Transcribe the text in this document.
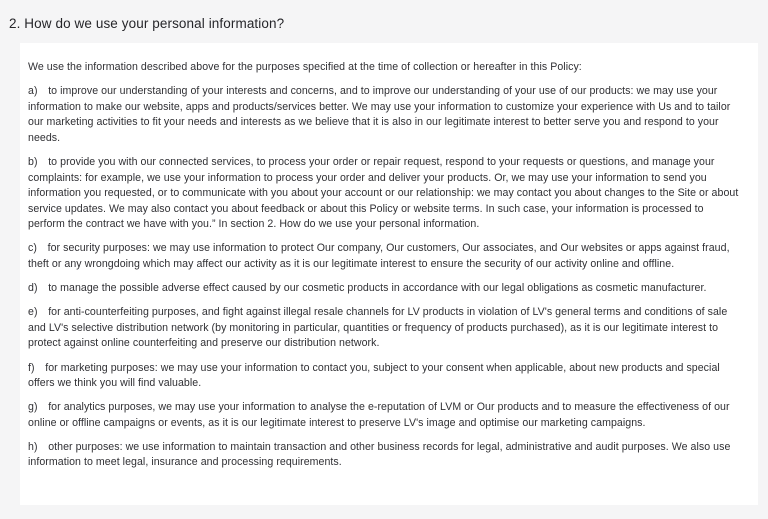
2. How do we use your personal information?

We use the information described above for the purposes specified at the time of collection or hereafter in this Policy:

a) to improve our understanding of your interests and concerns, and to improve our understanding of your use of our products: we may use your information to make our website, apps and products/services better. We may use your information to customize your experience with Us and to tailor our marketing activities to fit your needs and interests as we believe that it is also in our legitimate interest to better serve you and respond to your needs.

b) to provide you with our connected services, to process your order or repair request, respond to your requests or questions, and manage your complaints: for example, we use your information to process your order and deliver your products. Or, we may use your information to send you information you requested, or to communicate with you about your account or our relationship: we may contact you about changes to the Site or about service updates. We may also contact you about feedback or about this Policy or website terms. In such case, your information is processed to perform the contract we have with you.” In section 2. How do we use your personal information.

c) for security purposes: we may use information to protect Our company, Our customers, Our associates, and Our websites or apps against fraud, theft or any wrongdoing which may affect our activity as it is our legitimate interest to ensure the security of our activity online and offline.

d) to manage the possible adverse effect caused by our cosmetic products in accordance with our legal obligations as cosmetic manufacturer.

e) for anti-counterfeiting purposes, and fight against illegal resale channels for LV products in violation of LV's general terms and conditions of sale and LV's selective distribution network (by monitoring in particular, quantities or frequency of products purchased), as it is our legitimate interest to protect against online counterfeiting and preserve our distribution network.

f) for marketing purposes: we may use your information to contact you, subject to your consent when applicable, about new products and special offers we think you will find valuable.

g) for analytics purposes, we may use your information to analyse the e-reputation of LVM or Our products and to measure the effectiveness of our online or offline campaigns or events, as it is our legitimate interest to preserve LV's image and optimise our marketing campaigns.

h) other purposes: we use information to maintain transaction and other business records for legal, administrative and audit purposes. We also use information to meet legal, insurance and processing requirements.
